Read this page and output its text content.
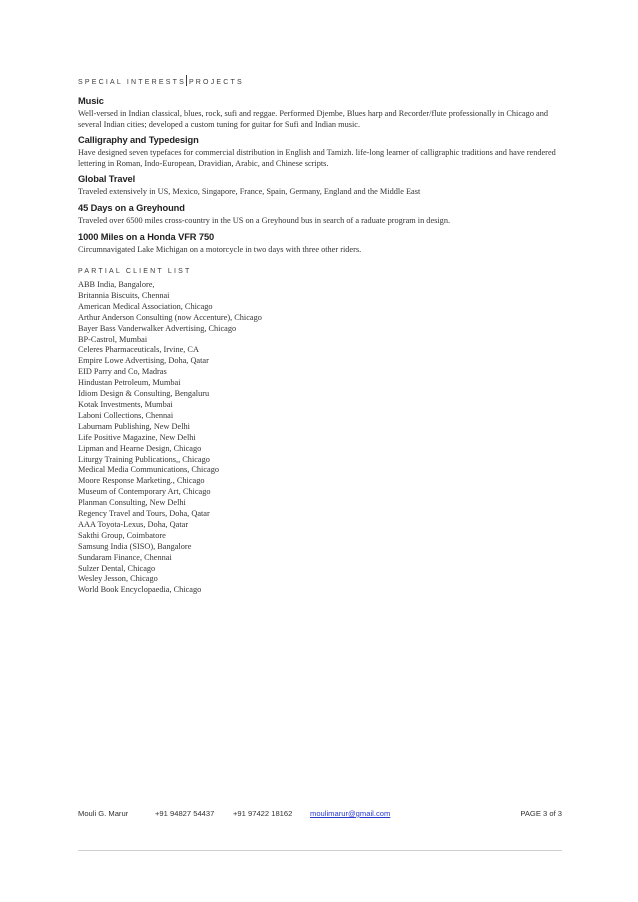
SPECIAL INTERESTS PROJECTS
Music
Well-versed in Indian classical, blues, rock, sufi and reggae. Performed Djembe, Blues harp and Recorder/flute professionally in Chicago and several Indian cities; developed a custom tuning for guitar for Sufi and Indian music.
Calligraphy and Typedesign
Have designed seven typefaces for commercial distribution in English and Tamizh. life-long learner of calligraphic traditions and have rendered lettering in Roman, Indo-European, Dravidian, Arabic, and Chinese scripts.
Global Travel
Traveled extensively in US, Mexico, Singapore, France, Spain, Germany, England and the Middle East
45 Days on a Greyhound
Traveled over 6500 miles cross-country in the US on a Greyhound bus in search of a raduate program in design.
1000 Miles on a Honda VFR 750
Circumnavigated Lake Michigan on a motorcycle in two days with three other riders.
PARTIAL CLIENT LIST
ABB India, Bangalore,
Britannia Biscuits, Chennai
American Medical Association, Chicago
Arthur Anderson Consulting (now Accenture), Chicago
Bayer Bass Vanderwalker Advertising, Chicago
BP-Castrol, Mumbai
Celeres Pharmaceuticals, Irvine, CA
Empire Lowe Advertising, Doha, Qatar
EID Parry and Co, Madras
Hindustan Petroleum, Mumbai
Idiom Design & Consulting, Bengaluru
Kotak Investments, Mumbai
Laboni Collections, Chennai
Laburnam Publishing, New Delhi
Life Positive Magazine, New Delhi
Lipman and Hearne Design, Chicago
Liturgy Training Publications,, Chicago
Medical Media Communications, Chicago
Moore Response Marketing., Chicago
Museum of Contemporary Art, Chicago
Planman Consulting, New Delhi
Regency Travel and Tours, Doha, Qatar
AAA Toyota-Lexus, Doha, Qatar
Sakthi Group, Coimbatore
Samsung India (SISO), Bangalore
Sundaram Finance, Chennai
Sulzer Dental, Chicago
Wesley Jesson, Chicago
World Book Encyclopaedia, Chicago
Mouli G. Marur	+91 94827 54437 +91 97422 18162 moulimarur@gmail.com	PAGE 3 of 3
